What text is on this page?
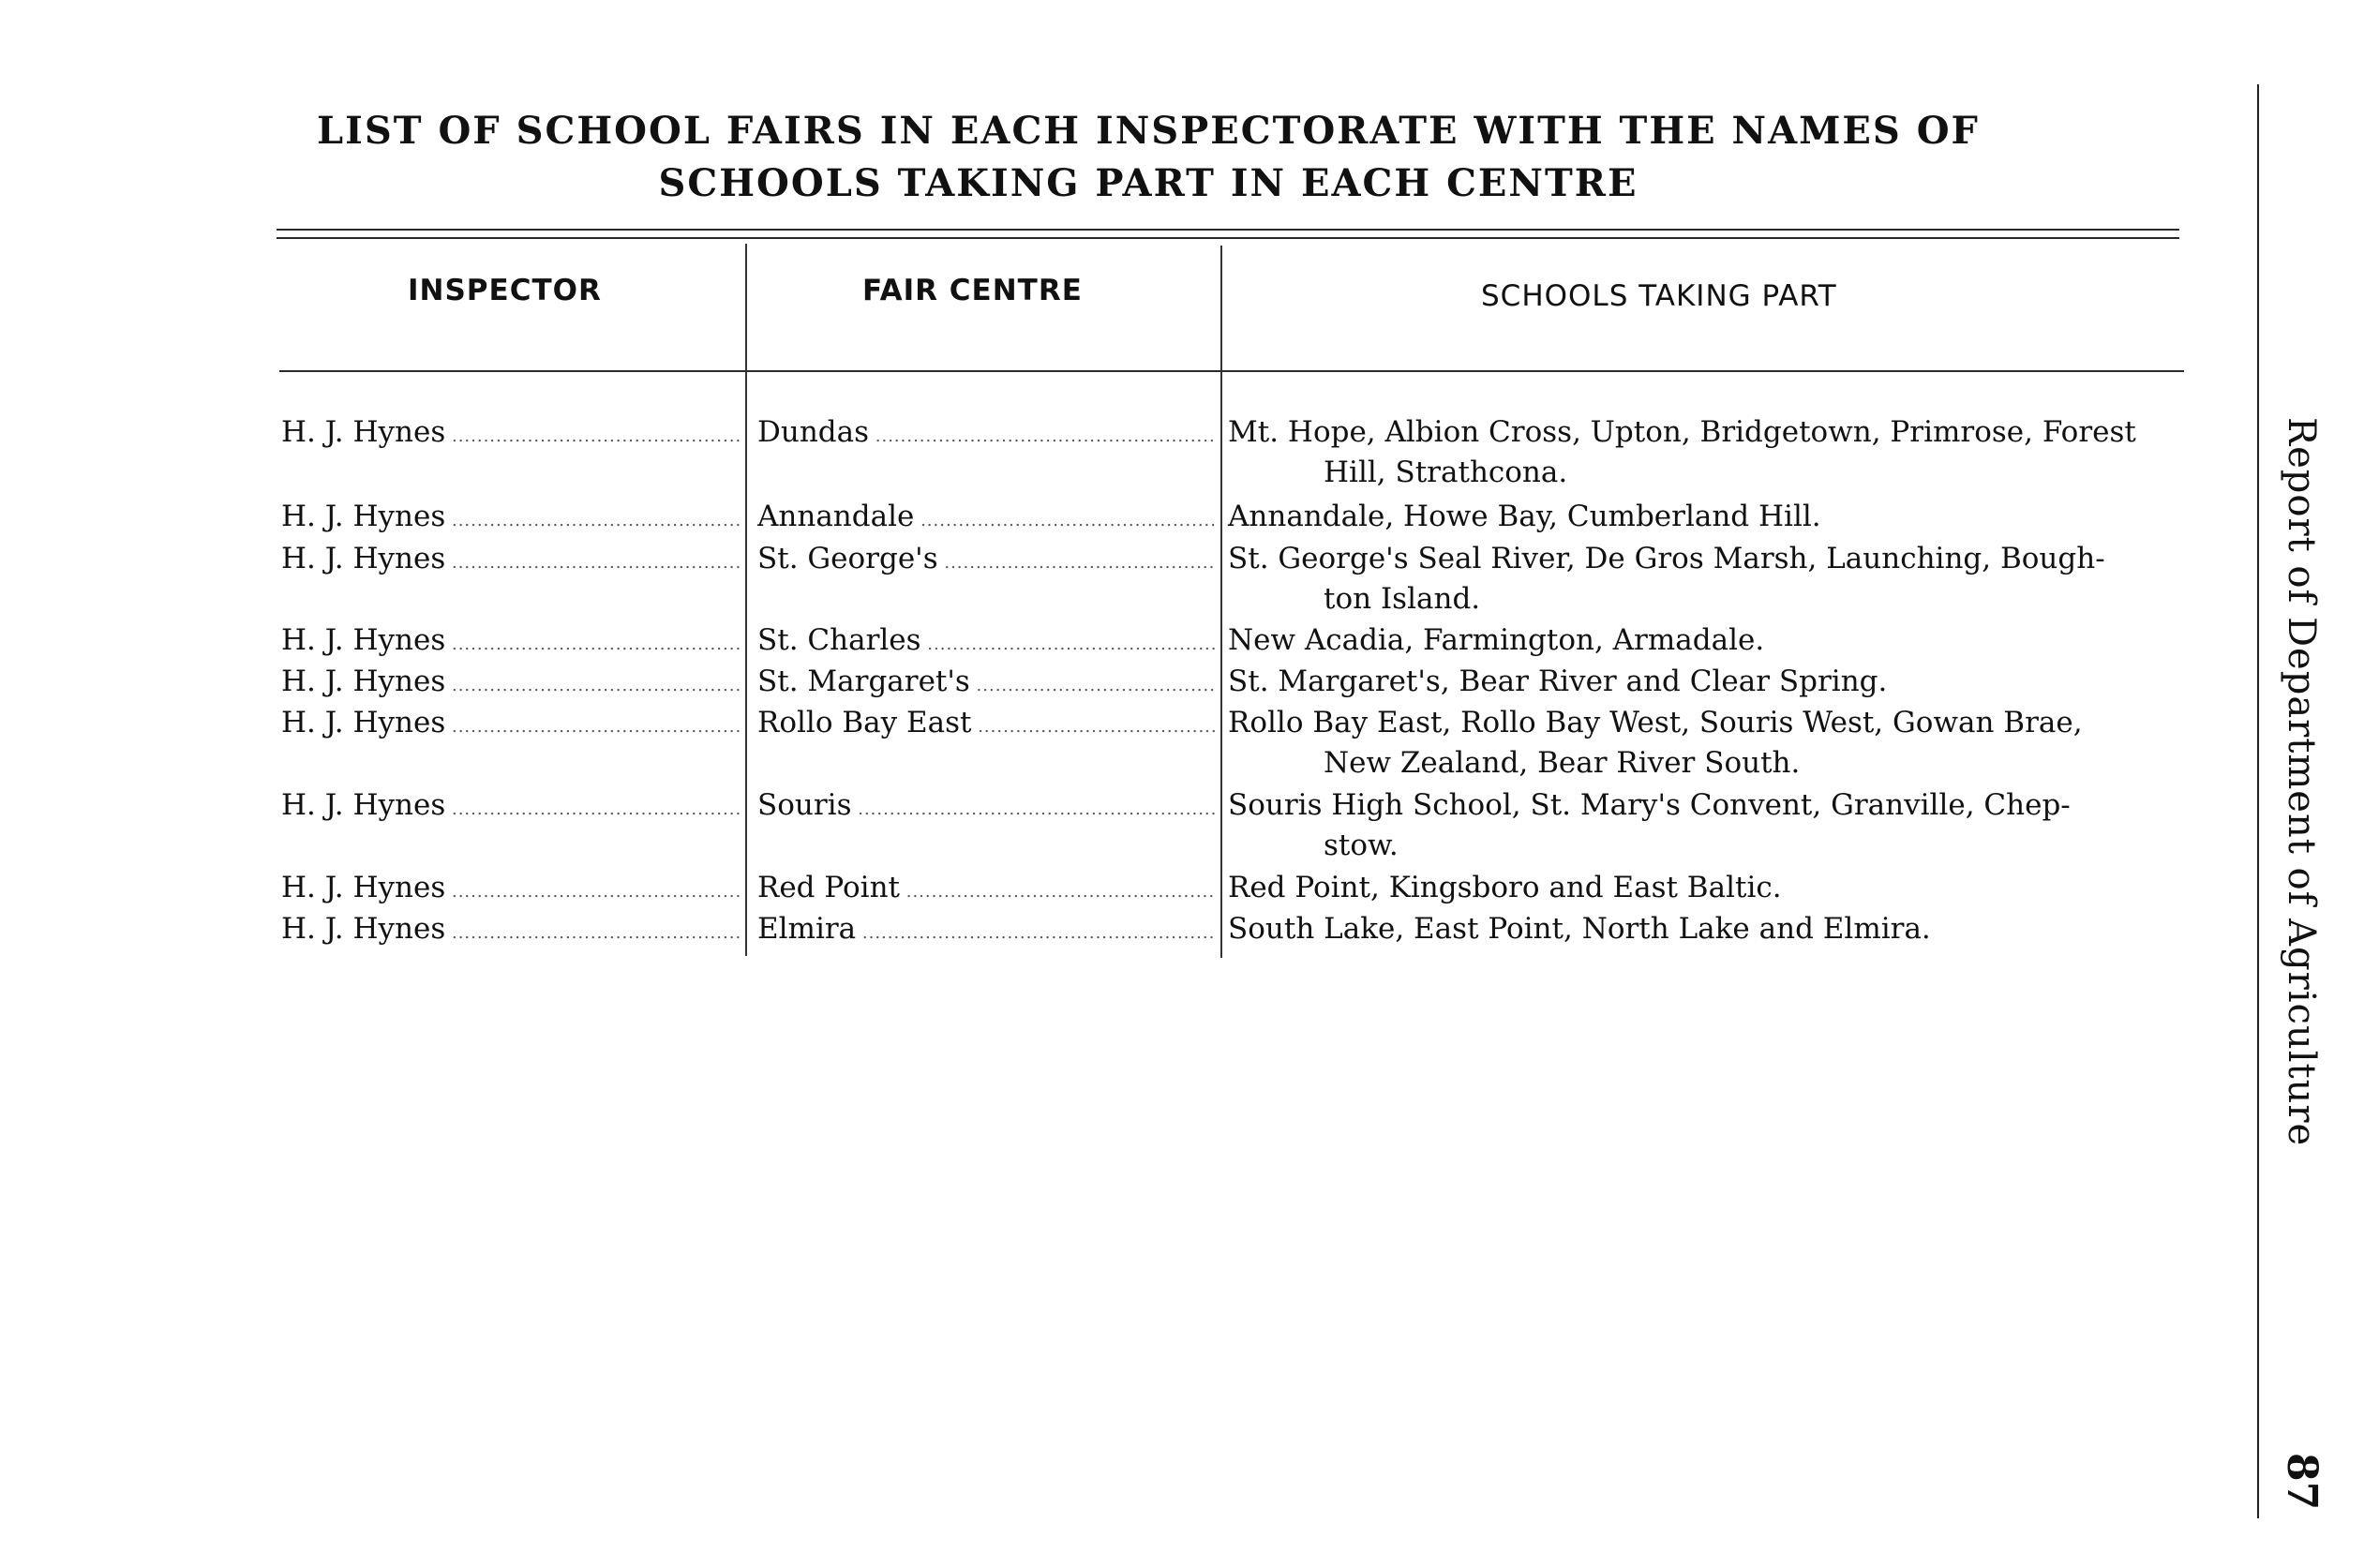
LIST OF SCHOOL FAIRS IN EACH INSPECTORATE WITH THE NAMES OF
SCHOOLS TAKING PART IN EACH CENTRE
INSPECTOR	FAIR CENTRE	SCHOOLS TAKING PART
H. J. Hynes .....	Dundas .....	Mt. Hope, Albion Cross, Upton, Bridgetown, Primrose, Forest
Hill, Strathcona.
H. J. Hynes .....	Annandale .....	Annandale, Howe Bay, Cumberland Hill.
H. J. Hynes .....	St. George's .....	St. George's Seal River, De Gros Marsh, Launching, Bough-
ton Island.
H. J. Hynes .....	St. Charles .....	New Acadia, Farmington, Armadale.
H. J. Hynes .....	St. Margaret's .....	St. Margaret's, Bear River and Clear Spring.
H. J. Hynes .....	Rollo Bay East .....	Rollo Bay East, Rollo Bay West, Souris West, Gowan Brae,
New Zealand, Bear River South.
H. J. Hynes .....	Souris .....	Souris High School, St. Mary's Convent, Granville, Chep-
stow.
H. J. Hynes .....	Red Point .....	Red Point, Kingsboro and East Baltic.
H. J. Hynes .....	Elmira .....	South Lake, East Point, North Lake and Elmira.	Report of Department of Agriculture
87
